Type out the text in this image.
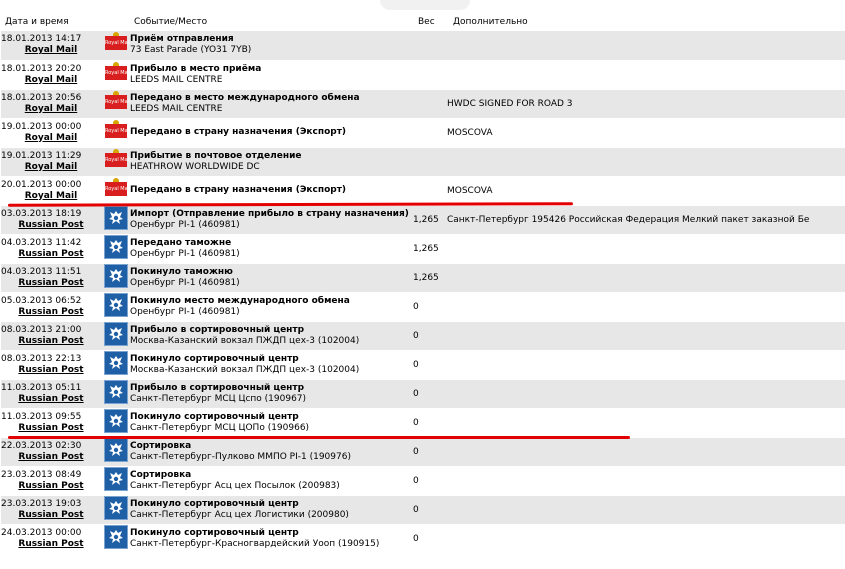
Дата и время	Событие/Место	Вес Дополнительно
18.01.2013 14:17
Royal Mail	Royal Mail	Приём отправления
73 East Parade (YO31 7YB)		

18.01.2013 20:20
Royal Mail	Royal Mail	Прибыло в место приёма
LEEDS MAIL CENTRE		

18.01.2013 20:56
Royal Mail	Royal Mail	Передано в место международного обмена
LEEDS MAIL CENTRE		HWDC SIGNED FOR ROAD 3
19.01.2013 00:00
Royal Mail	Royal Mail	Передано в страну назначения (Экспорт)		MOSCOVA
19.01.2013 11:29
Royal Mail	Royal Mail	Прибытие в почтовое отделение
HEATHROW WORLDWIDE DC		

20.01.2013 00:00
Royal Mail	Royal Mail	Передано в страну назначения (Экспорт)		MOSCOVA
03.03.2013 18:19
Russian Post		Импорт (Отправление прибыло в страну назначения)
Оренбург PI-1 (460981)	1,265	Санкт-Петербург 195426 Российская Федерация Мелкий пакет заказной Бе
04.03.2013 11:42
Russian Post		Передано таможне
Оренбург PI-1 (460981)	1,265	
04.03.2013 11:51
Russian Post		Покинуло таможню
Оренбург PI-1 (460981)	1,265	
05.03.2013 06:52
Russian Post		Покинуло место международного обмена
Оренбург PI-1 (460981)	0	
08.03.2013 21:00
Russian Post		Прибыло в сортировочный центр
Москва-Казанский вокзал ПЖДП цех-3 (102004)	0	
08.03.2013 22:13
Russian Post		Покинуло сортировочный центр
Москва-Казанский вокзал ПЖДП цех-3 (102004)	0	
11.03.2013 05:11
Russian Post		Прибыло в сортировочный центр
Санкт-Петербург МСЦ Цспо (190967)	0	
11.03.2013 09:55
Russian Post		Покинуло сортировочный центр
Санкт-Петербург МСЦ ЦОПо (190966)	0	
22.03.2013 02:30
Russian Post		Сортировка
Санкт-Петербург-Пулково ММПО PI-1 (190976)	0	
23.03.2013 08:49
Russian Post		Сортировка
Санкт-Петербург Асц цех Посылок (200983)	0	
23.03.2013 19:03
Russian Post		Покинуло сортировочный центр
Санкт-Петербург Асц цех Логистики (200980)	0	
24.03.2013 00:00
Russian Post		Покинуло сортировочный центр
Санкт-Петербург-Красногвардейский Уооп (190915)	0	
